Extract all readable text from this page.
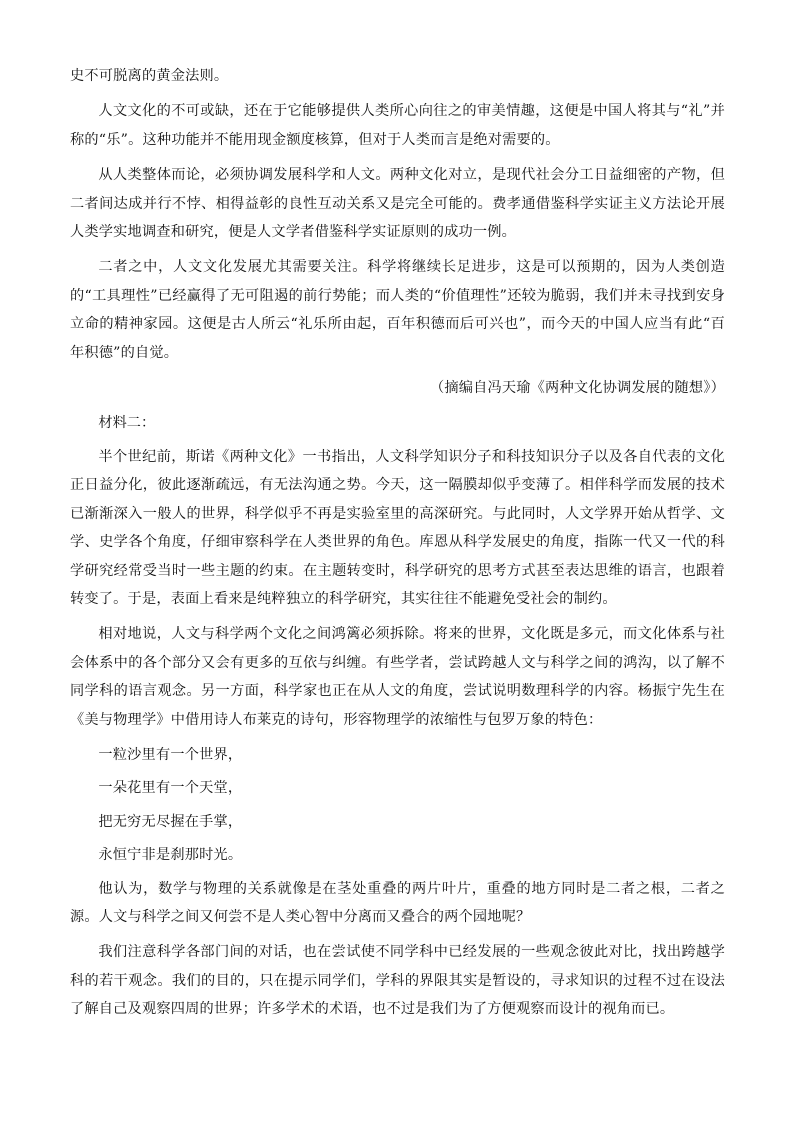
史不可脱离的黄金法则。

人文文化的不可或缺，还在于它能够提供人类所心向往之的审美情趣，这便是中国人将其与“礼”并称的“乐”。这种功能并不能用现金额度核算，但对于人类而言是绝对需要的。

从人类整体而论，必须协调发展科学和人文。两种文化对立，是现代社会分工日益细密的产物，但二者间达成并行不悖、相得益彰的良性互动关系又是完全可能的。费孝通借鉴科学实证主义方法论开展人类学实地调查和研究，便是人文学者借鉴科学实证原则的成功一例。

二者之中，人文文化发展尤其需要关注。科学将继续长足进步，这是可以预期的，因为人类创造的“工具理性”已经赢得了无可阻遏的前行势能；而人类的“价值理性”还较为脆弱，我们并未寻找到安身立命的精神家园。这便是古人所云“礼乐所由起，百年积德而后可兴也”，而今天的中国人应当有此“百年积德”的自觉。

（摘编自冯天瑜《两种文化协调发展的随想》）

材料二：

半个世纪前，斯诺《两种文化》一书指出，人文科学知识分子和科技知识分子以及各自代表的文化正日益分化，彼此逐渐疏远，有无法沟通之势。今天，这一隔膜却似乎变薄了。相伴科学而发展的技术已渐渐深入一般人的世界，科学似乎不再是实验室里的高深研究。与此同时，人文学界开始从哲学、文学、史学各个角度，仔细审察科学在人类世界的角色。库恩从科学发展史的角度，指陈一代又一代的科学研究经常受当时一些主题的约束。在主题转变时，科学研究的思考方式甚至表达思维的语言，也跟着转变了。于是，表面上看来是纯粹独立的科学研究，其实往往不能避免受社会的制约。

相对地说，人文与科学两个文化之间鸿篱必须拆除。将来的世界，文化既是多元，而文化体系与社会体系中的各个部分又会有更多的互依与纠缠。有些学者，尝试跨越人文与科学之间的鸿沟，以了解不同学科的语言观念。另一方面，科学家也正在从人文的角度，尝试说明数理科学的内容。杨振宁先生在《美与物理学》中借用诗人布莱克的诗句，形容物理学的浓缩性与包罗万象的特色：

一粒沙里有一个世界，

一朵花里有一个天堂，

把无穷无尽握在手掌，

永恒宁非是刹那时光。

他认为，数学与物理的关系就像是在茎处重叠的两片叶片，重叠的地方同时是二者之根，二者之源。人文与科学之间又何尝不是人类心智中分离而又叠合的两个园地呢？

我们注意科学各部门间的对话，也在尝试使不同学科中已经发展的一些观念彼此对比，找出跨越学科的若干观念。我们的目的，只在提示同学们，学科的界限其实是暂设的，寻求知识的过程不过在设法了解自己及观察四周的世界；许多学术的术语，也不过是我们为了方便观察而设计的视角而已。
